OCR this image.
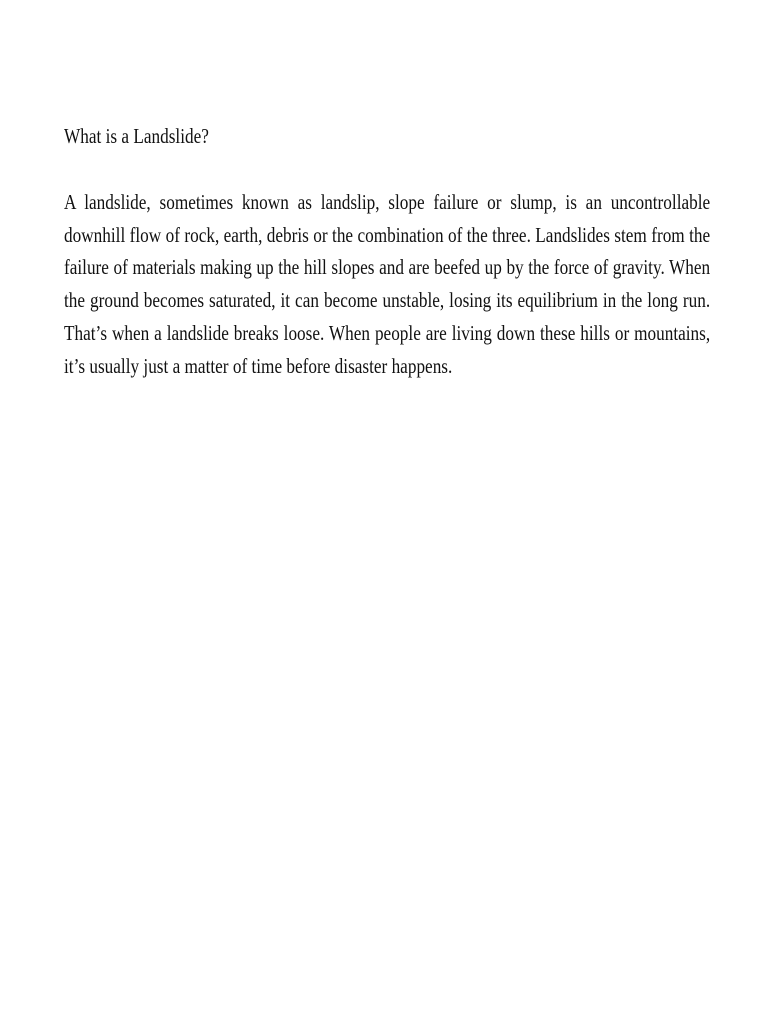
What is a Landslide?

A landslide, sometimes known as landslip, slope failure or slump, is an uncontrollable downhill flow of rock, earth, debris or the combination of the three. Landslides stem from the failure of materials making up the hill slopes and are beefed up by the force of gravity. When the ground becomes saturated, it can become unstable, losing its equilibrium in the long run. That’s when a landslide breaks loose. When people are living down these hills or mountains, it’s usually just a matter of time before disaster happens.
